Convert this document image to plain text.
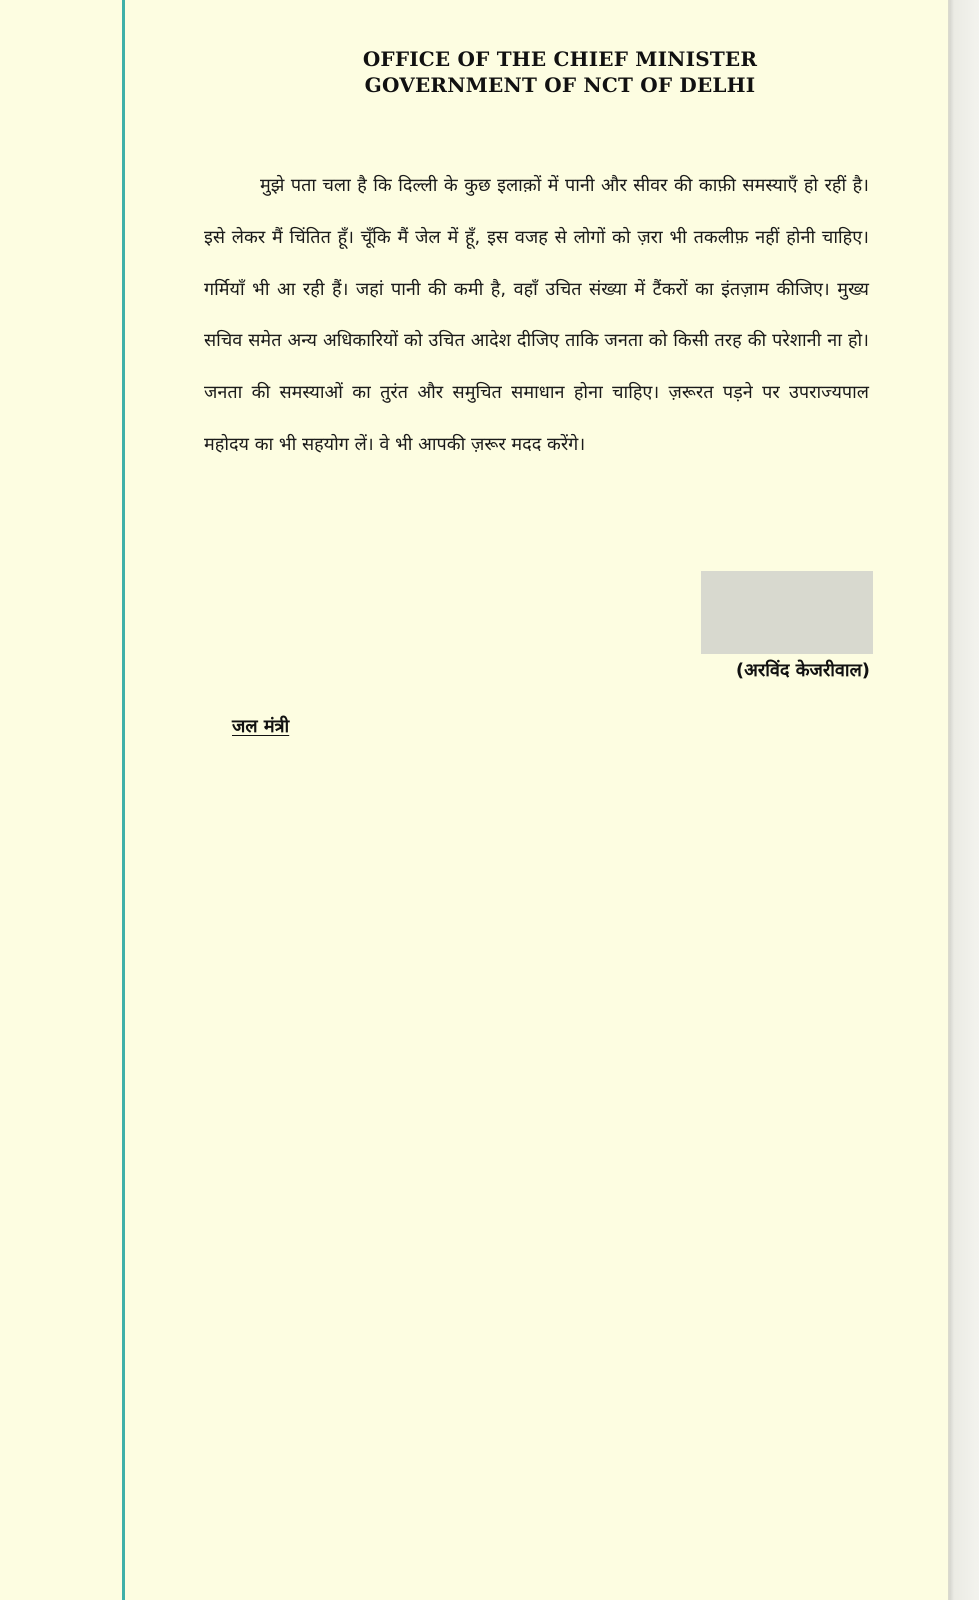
OFFICE OF THE CHIEF MINISTER
GOVERNMENT OF NCT OF DELHI

मुझे पता चला है कि दिल्ली के कुछ इलाक़ों में पानी और सीवर की काफ़ी समस्याएँ हो रहीं है। इसे लेकर मैं चिंतित हूँ। चूँकि मैं जेल में हूँ, इस वजह से लोगों को ज़रा भी तकलीफ़ नहीं होनी चाहिए। गर्मियाँ भी आ रही हैं। जहां पानी की कमी है, वहाँ उचित संख्या में टैंकरों का इंतज़ाम कीजिए। मुख्य सचिव समेत अन्य अधिकारियों को उचित आदेश दीजिए ताकि जनता को किसी तरह की परेशानी ना हो। जनता की समस्याओं का तुरंत और समुचित समाधान होना चाहिए। ज़रूरत पड़ने पर उपराज्यपाल महोदय का भी सहयोग लें। वे भी आपकी ज़रूर मदद करेंगे।

(अरविंद केजरीवाल)
जल मंत्री
